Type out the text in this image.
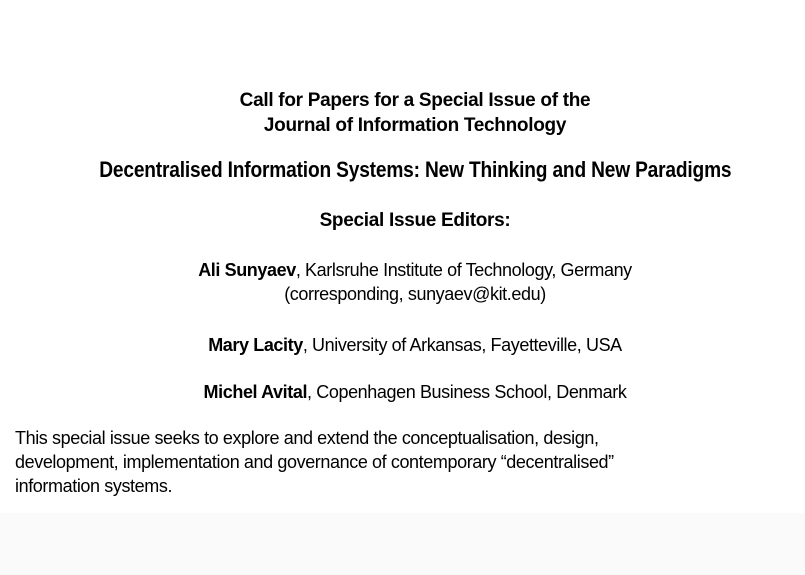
Call for Papers for a Special Issue of the
Journal of Information Technology
Decentralised Information Systems: New Thinking and New Paradigms
Special Issue Editors:
Ali Sunyaev, Karlsruhe Institute of Technology, Germany
(corresponding, sunyaev@kit.edu)
Mary Lacity, University of Arkansas, Fayetteville, USA
Michel Avital, Copenhagen Business School, Denmark
This special issue seeks to explore and extend the conceptualisation, design,
development, implementation and governance of contemporary “decentralised”
information systems.
